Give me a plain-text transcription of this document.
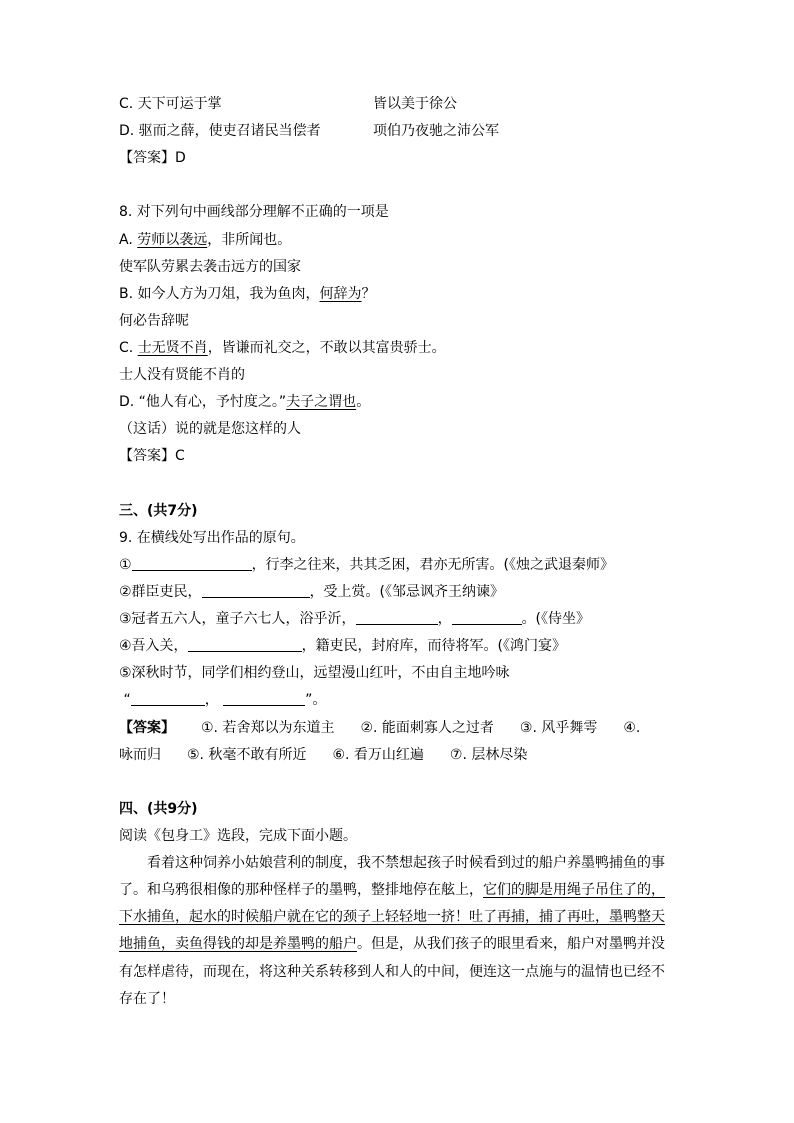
C. 天下可运于掌	皆以美于徐公
D. 驱而之薛，使吏召诸民当偿者	项伯乃夜驰之沛公军
【答案】D
8. 对下列句中画线部分理解不正确的一项是
A. 劳师以袭远，非所闻也。
使军队劳累去袭击远方的国家
B. 如今人方为刀俎，我为鱼肉，何辞为？
何必告辞呢
C. 士无贤不肖，皆谦而礼交之，不敢以其富贵骄士。
士人没有贤能不肖的
D. “他人有心，予忖度之。”夫子之谓也。
（这话）说的就是您这样的人
【答案】C
三、(共7分)
9. 在横线处写出作品的原句。
①	，行李之往来，共其乏困，君亦无所害。(《烛之武退秦师》
②群臣吏民，	，受上赏。(《邹忌讽齐王纳谏》
③冠者五六人，童子六七人，浴乎沂，	，	。(《侍坐》
④吾入关，	，籍吏民，封府库，而待将军。(《鸿门宴》
⑤深秋时节，同学们相约登山，远望漫山红叶，不由自主地吟咏
“	，	”。
【答案】 ①. 若舍郑以为东道主 ②. 能面刺寡人之过者 ③. 风乎舞雩 ④.
咏而归 ⑤. 秋毫不敢有所近 ⑥. 看万山红遍 ⑦. 层林尽染
四、(共9分)
阅读《包身工》选段，完成下面小题。
看着这种饲养小姑娘营利的制度，我不禁想起孩子时候看到过的船户养墨鸭捕鱼的事
了。和乌鸦很相像的那种怪样子的墨鸭，整排地停在舷上，它们的脚是用绳子吊住了的，
下水捕鱼，起水的时候船户就在它的颈子上轻轻地一挤！吐了再捕，捕了再吐，墨鸭整天
地捕鱼，卖鱼得钱的却是养墨鸭的船户。但是，从我们孩子的眼里看来，船户对墨鸭并没
有怎样虐待，而现在，将这种关系转移到人和人的中间，便连这一点施与的温情也已经不
存在了！
